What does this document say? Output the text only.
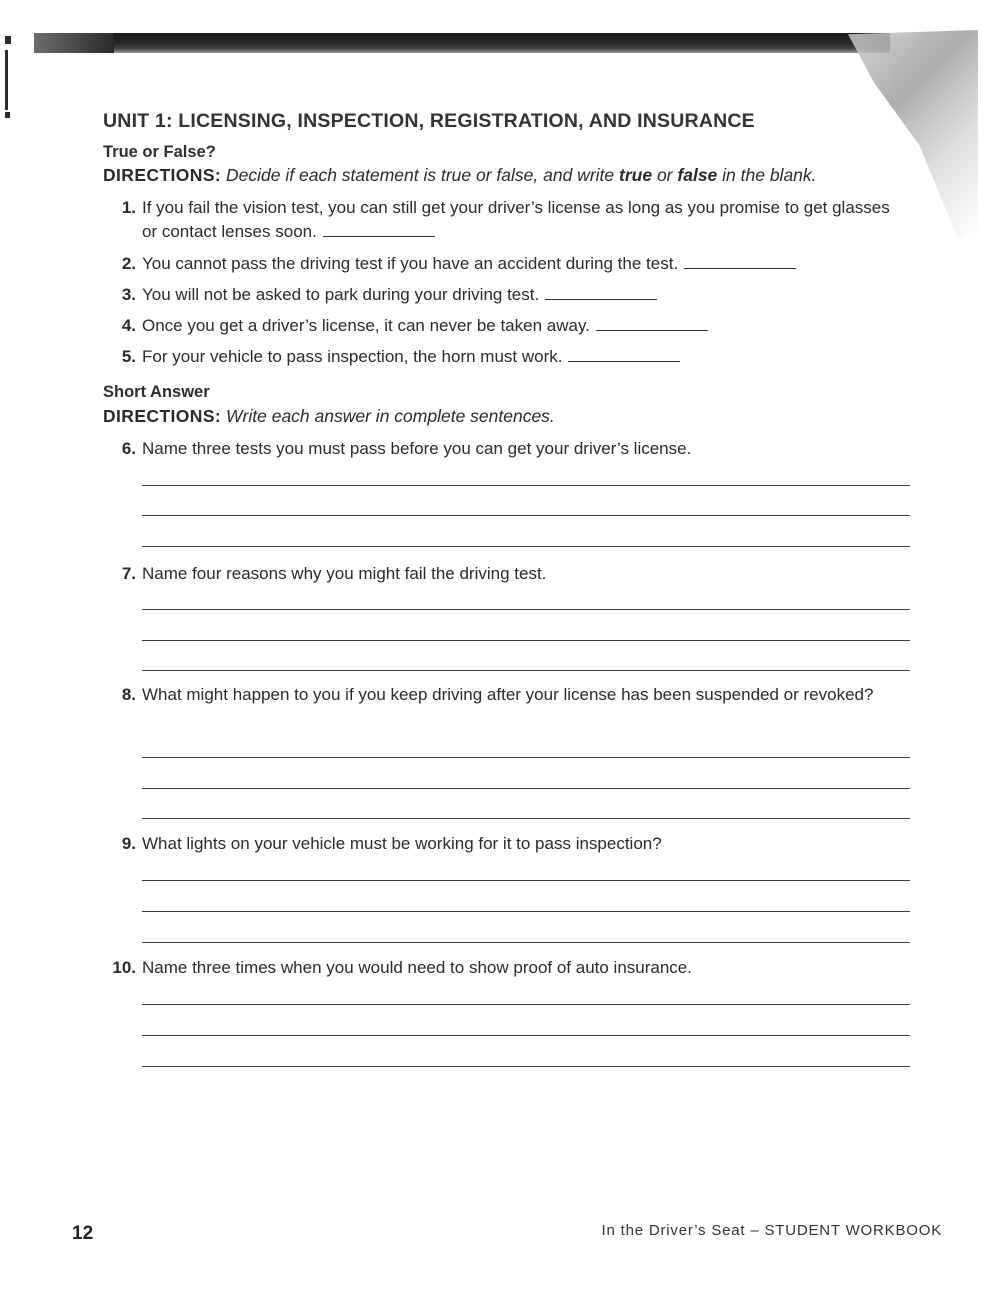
UNIT 1: LICENSING, INSPECTION, REGISTRATION, AND INSURANCE
True or False?

DIRECTIONS: Decide if each statement is true or false, and write true or false in the blank.

1. If you fail the vision test, you can still get your driver’s license as long as you promise to get glasses or contact lenses soon.
2. You cannot pass the driving test if you have an accident during the test.
3. You will not be asked to park during your driving test.
4. Once you get a driver’s license, it can never be taken away.
5. For your vehicle to pass inspection, the horn must work.
Short Answer

DIRECTIONS: Write each answer in complete sentences.

6. Name three tests you must pass before you can get your driver’s license.
7. Name four reasons why you might fail the driving test.
8. What might happen to you if you keep driving after your license has been suspended or revoked?
9. What lights on your vehicle must be working for it to pass inspection?
10. Name three times when you would need to show proof of auto insurance.

12	In the Driver’s Seat – STUDENT WORKBOOK
